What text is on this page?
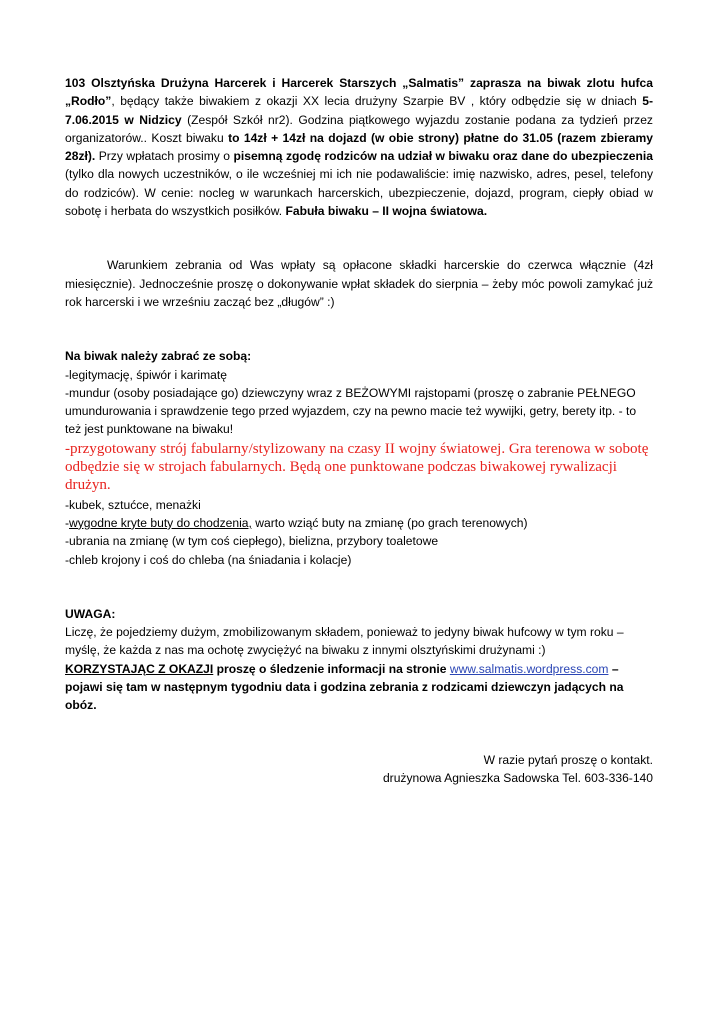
103 Olsztyńska Drużyna Harcerek i Harcerek Starszych „Salmatis” zaprasza na biwak zlotu hufca „Rodło”, będący także biwakiem z okazji XX lecia drużyny Szarpie BV , który odbędzie się w dniach 5-7.06.2015 w Nidzicy (Zespół Szkół nr2). Godzina piątkowego wyjazdu zostanie podana za tydzień przez organizatorów.. Koszt biwaku to 14zł + 14zł na dojazd (w obie strony) płatne do 31.05 (razem zbieramy 28zł). Przy wpłatach prosimy o pisemną zgodę rodziców na udział w biwaku oraz dane do ubezpieczenia (tylko dla nowych uczestników, o ile wcześniej mi ich nie podawaliście: imię nazwisko, adres, pesel, telefony do rodziców). W cenie: nocleg w warunkach harcerskich, ubezpieczenie, dojazd, program, ciepły obiad w sobotę i herbata do wszystkich posiłków. Fabuła biwaku – II wojna światowa.

Warunkiem zebrania od Was wpłaty są opłacone składki harcerskie do czerwca włącznie (4zł miesięcznie). Jednocześnie proszę o dokonywanie wpłat składek do sierpnia – żeby móc powoli zamykać już rok harcerski i we wrześniu zacząć bez „długów” :)

Na biwak należy zabrać ze sobą:

-legitymację, śpiwór i karimatę

-mundur (osoby posiadające go) dziewczyny wraz z BEŻOWYMI rajstopami (proszę o zabranie PEŁNEGO umundurowania i sprawdzenie tego przed wyjazdem, czy na pewno macie też wywijki, getry, berety itp. - to też jest punktowane na biwaku!

-przygotowany strój fabularny/stylizowany na czasy II wojny światowej. Gra terenowa w sobotę odbędzie się w strojach fabularnych. Będą one punktowane podczas biwakowej rywalizacji drużyn.

-kubek, sztućce, menażki

-wygodne kryte buty do chodzenia, warto wziąć buty na zmianę (po grach terenowych)

-ubrania na zmianę (w tym coś ciepłego), bielizna, przybory toaletowe

-chleb krojony i coś do chleba (na śniadania i kolacje)

UWAGA:

Liczę, że pojedziemy dużym, zmobilizowanym składem, ponieważ to jedyny biwak hufcowy w tym roku – myślę, że każda z nas ma ochotę zwyciężyć na biwaku z innymi olsztyńskimi drużynami :)

KORZYSTAJĄC Z OKAZJI proszę o śledzenie informacji na stronie www.salmatis.wordpress.com – pojawi się tam w następnym tygodniu data i godzina zebrania z rodzicami dziewczyn jadących na obóz.

W razie pytań proszę o kontakt.

drużynowa Agnieszka Sadowska Tel. 603-336-140
